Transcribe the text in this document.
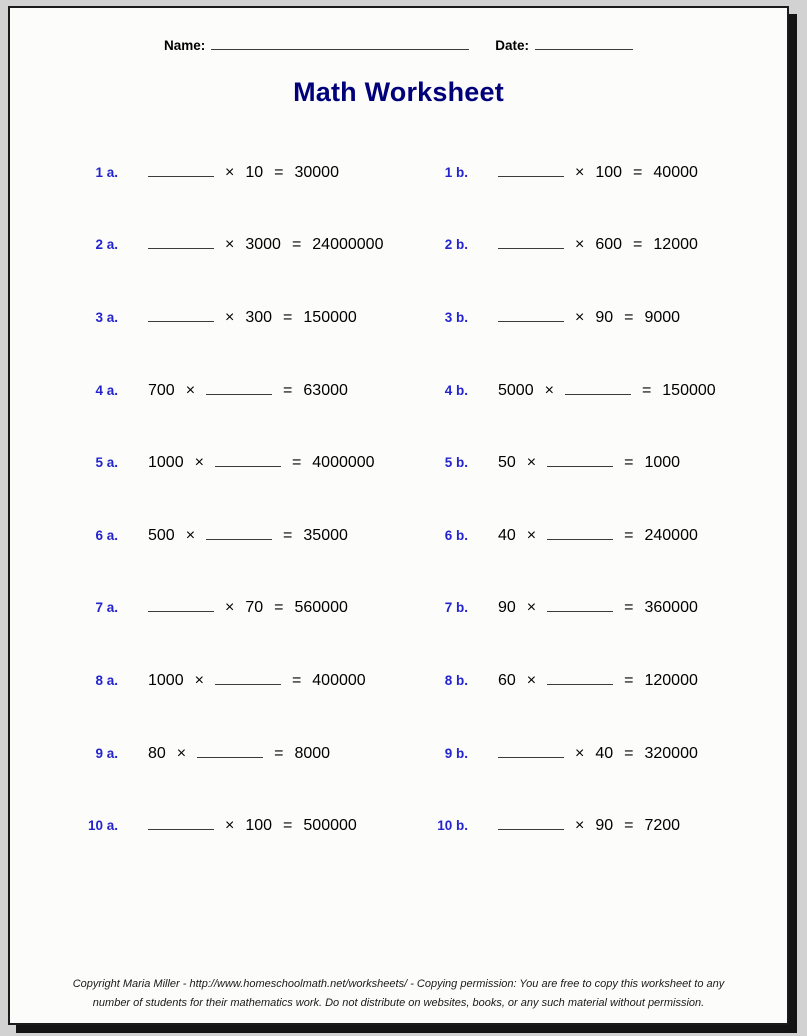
Name:	Date:
Math Worksheet
1 a.	× 10 = 30000	1 b.	× 100 = 40000
2 a.	× 3000 = 24000000	2 b.	× 600 = 12000
3 a.	× 300 = 150000	3 b.	× 90 = 9000
4 a. 700 ×	= 63000	4 b. 5000 ×	= 150000
5 a. 1000 ×	= 4000000	5 b. 50 ×	= 1000
6 a. 500 ×	= 35000	6 b. 40 ×	= 240000
7 a.	× 70 = 560000	7 b. 90 ×	= 360000
8 a. 1000 ×	= 400000	8 b. 60 ×	= 120000
9 a. 80 ×	= 8000	9 b.	× 40 = 320000
10 a.	× 100 = 500000	10 b.	× 90 = 7200
Copyright Maria Miller - http://www.homeschoolmath.net/worksheets/ - Copying permission: You are free to copy this worksheet to any
number of students for their mathematics work. Do not distribute on websites, books, or any such material without permission.
